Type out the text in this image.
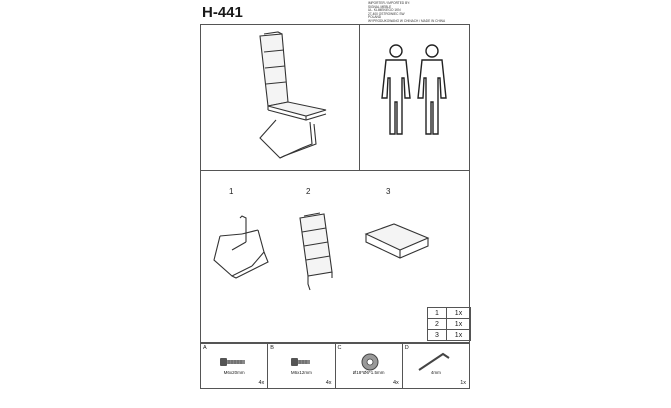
H-441
IMPORTER / IMPORTED BY:
SIGNAL MEBLE
UL. KLIMEKIEGO 1KN
27-400 OSTROWIEC SW
POLAND
WYPRODUKOWANO W CHINACH / MADE IN CHINA
1	2	3
1	1x
2	1x
3	1x
A
M6x20mm
4x
B
M6x12mm
4x
C
Ø18*Ø6*1.5mm
4x
D
4mm
1x
